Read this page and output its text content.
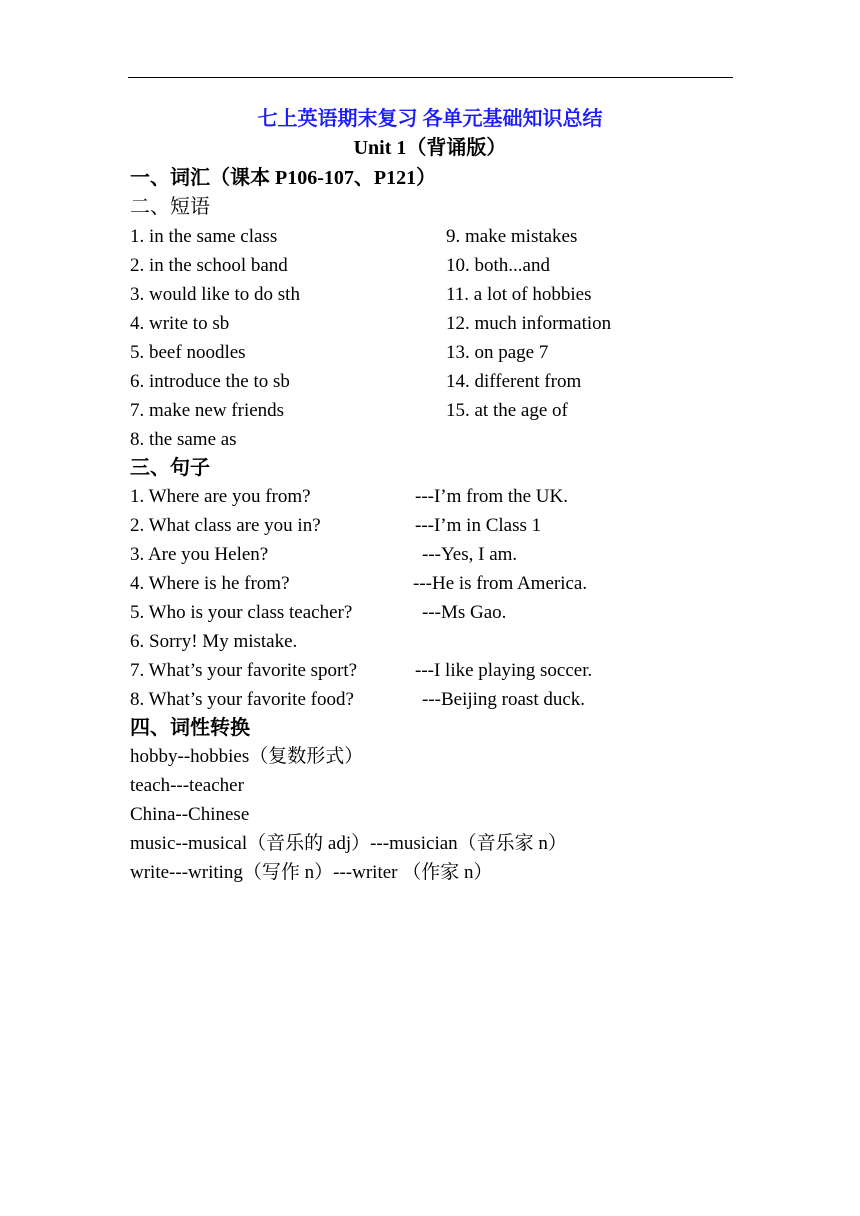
七上英语期末复习 各单元基础知识总结
Unit 1（背诵版）
一、词汇（课本 P106-107、P121）
二、短语
1. in the same class
2. in the school band
3. would like to do sth
4. write to sb
5. beef noodles
6. introduce the to sb
7. make new friends
8. the same as
9. make mistakes
10. both...and
11. a lot of hobbies
12. much information
13. on page 7
14. different from
15. at the age of
三、句子
1. Where are you from?	---I’m from the UK.
2. What class are you in?	---I’m in Class 1
3. Are you Helen?	---Yes, I am.
4. Where is he from?	---He is from America.
5. Who is your class teacher?	---Ms Gao.
6. Sorry! My mistake.
7. What’s your favorite sport?	---I like playing soccer.
8. What’s your favorite food?	---Beijing roast duck.
四、词性转换
hobby--hobbies（复数形式）
teach---teacher
China--Chinese
music--musical（音乐的 adj）---musician（音乐家 n）
write---writing（写作 n）---writer （作家 n）
